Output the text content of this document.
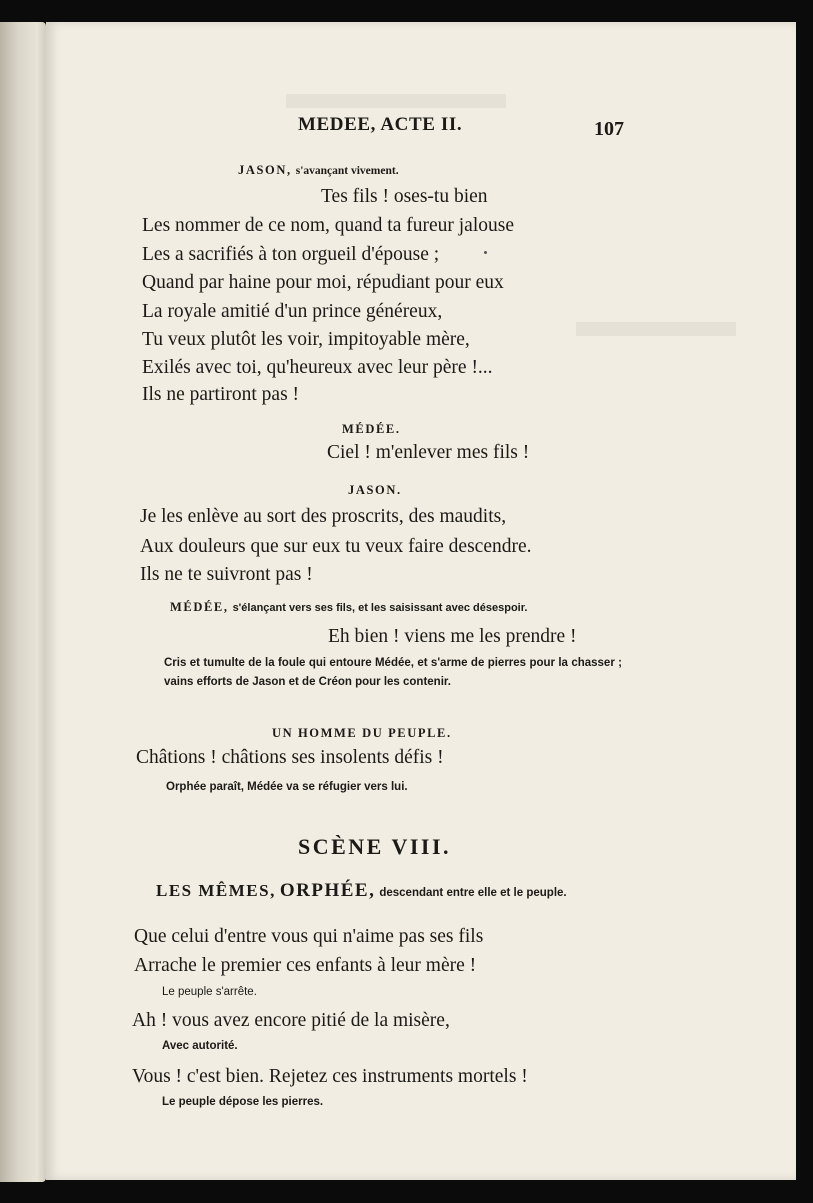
MEDEE, ACTE II.	107
JASON, s'avançant vivement.
Tes fils ! oses-tu bien
Les nommer de ce nom, quand ta fureur jalouse
Les a sacrifiés à ton orgueil d'épouse ;
Quand par haine pour moi, répudiant pour eux
La royale amitié d'un prince généreux,
Tu veux plutôt les voir, impitoyable mère,
Exilés avec toi, qu'heureux avec leur père !...
Ils ne partiront pas !
MÉDÉE.
Ciel ! m'enlever mes fils !
JASON.
Je les enlève au sort des proscrits, des maudits,
Aux douleurs que sur eux tu veux faire descendre.
Ils ne te suivront pas !
MÉDÉE, s'élançant vers ses fils, et les saisissant avec désespoir.
Eh bien ! viens me les prendre !
Cris et tumulte de la foule qui entoure Médée, et s'arme de pierres pour la chasser ; vains efforts de Jason et de Créon pour les contenir.
UN HOMME DU PEUPLE.
Châtions ! châtions ses insolents défis !
Orphée paraît, Médée va se réfugier vers lui.
SCÈNE VIII.
LES MÊMES, ORPHÉE, descendant entre elle et le peuple.
Que celui d'entre vous qui n'aime pas ses fils
Arrache le premier ces enfants à leur mère !
Le peuple s'arrête.
Ah ! vous avez encore pitié de la misère,
Avec autorité.
Vous ! c'est bien. Rejetez ces instruments mortels !
Le peuple dépose les pierres.
